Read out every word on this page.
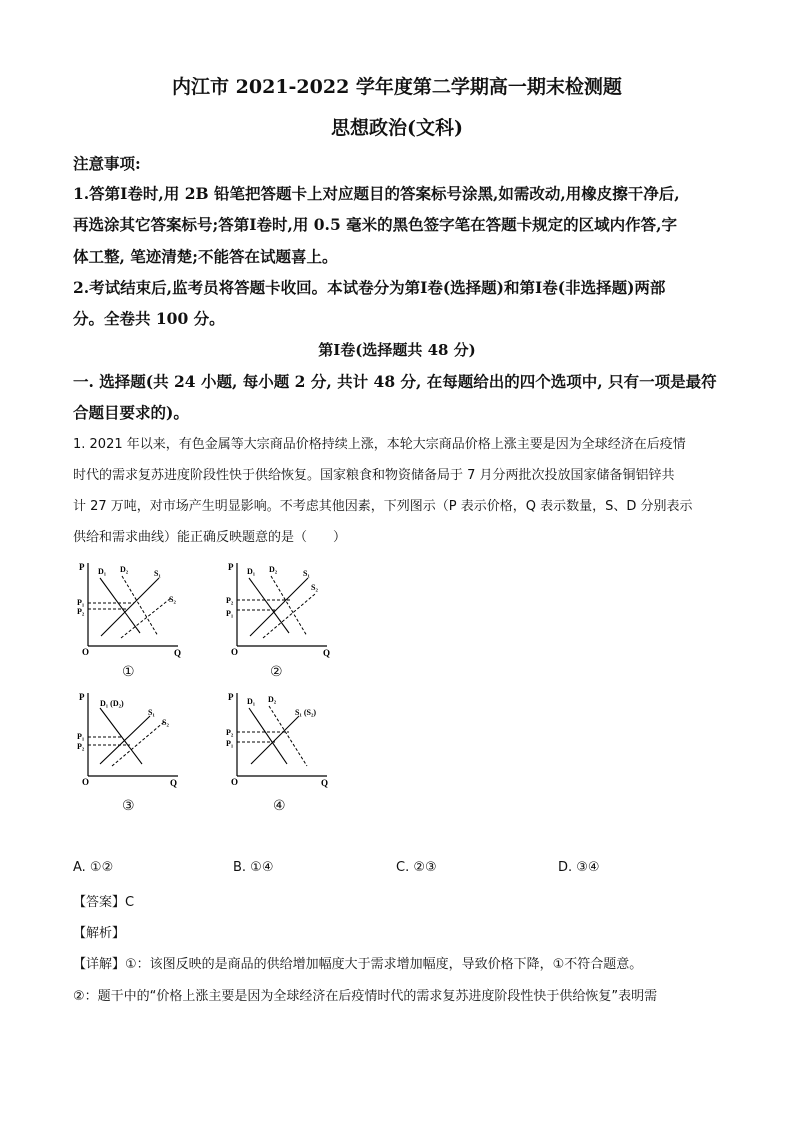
内江市 2021-2022 学年度第二学期高一期末检测题
思想政治(文科)
注意事项:
1.答第Ⅰ卷时,用 2B 铅笔把答题卡上对应题目的答案标号涂黑,如需改动,用橡皮擦干净后,
再选涂其它答案标号;答第Ⅰ卷时,用 0.5 毫米的黑色签字笔在答题卡规定的区域内作答,字
体工整, 笔迹清楚;不能答在试题喜上。
2.考试结束后,监考员将答题卡收回。本试卷分为第Ⅰ卷(选择题)和第Ⅰ卷(非选择题)两部
分。全卷共 100 分。
第Ⅰ卷(选择题共 48 分)
一. 选择题(共 24 小题, 每小题 2 分, 共计 48 分, 在每题给出的四个选项中, 只有一项是最符
合题目要求的)。
1. 2021 年以来，有色金属等大宗商品价格持续上涨，本轮大宗商品价格上涨主要是因为全球经济在后疫情
时代的需求复苏进度阶段性快于供给恢复。国家粮食和物资储备局于 7 月分两批次投放国家储备铜铝锌共
计 27 万吨，对市场产生明显影响。不考虑其他因素，下列图示（P 表示价格，Q 表示数量，S、D 分别表示
供给和需求曲线）能正确反映题意的是（　　）
P
Q
O
D₁ D₂	S₁
S₂
P₁
P₂
①
P
Q
O
D₁ D₂	S₁
S₂
P₂
P₁
②
P
Q
O
D₁ (D₂)
S₁
S₂
P₁
P₂
③
P
Q
O
D₁ D₂
S₁ (S₂)
P₂
P₁
④
A. ①②	B. ①④	C. ②③	D. ③④
【答案】C
【解析】
【详解】①：该图反映的是商品的供给增加幅度大于需求增加幅度，导致价格下降，①不符合题意。
②：题干中的“价格上涨主要是因为全球经济在后疫情时代的需求复苏进度阶段性快于供给恢复”表明需
